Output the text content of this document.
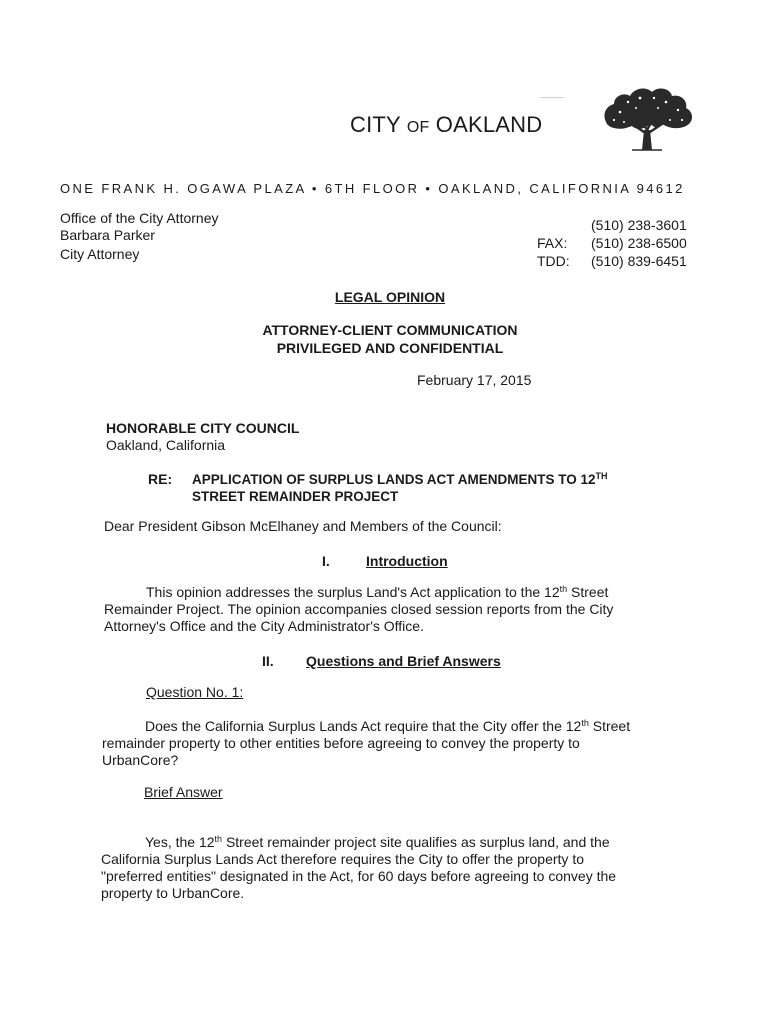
CITY OF OAKLAND
ONE FRANK H. OGAWA PLAZA • 6TH FLOOR • OAKLAND, CALIFORNIA 94612
Office of the City Attorney
Barbara Parker
City Attorney
(510) 238-3601
FAX:	(510) 238-6500
TDD:	(510) 839-6451
LEGAL OPINION
ATTORNEY-CLIENT COMMUNICATION
PRIVILEGED AND CONFIDENTIAL
February 17, 2015
HONORABLE CITY COUNCIL
Oakland, California
RE: APPLICATION OF SURPLUS LANDS ACT AMENDMENTS TO 12TH
STREET REMAINDER PROJECT
Dear President Gibson McElhaney and Members of the Council:
I.	Introduction
This opinion addresses the surplus Land's Act application to the 12th Street
Remainder Project. The opinion accompanies closed session reports from the City
Attorney's Office and the City Administrator's Office.
II. Questions and Brief Answers
Question No. 1:
Does the California Surplus Lands Act require that the City offer the 12th Street
remainder property to other entities before agreeing to convey the property to
UrbanCore?
Brief Answer
Yes, the 12th Street remainder project site qualifies as surplus land, and the
California Surplus Lands Act therefore requires the City to offer the property to
"preferred entities" designated in the Act, for 60 days before agreeing to convey the
property to UrbanCore.
